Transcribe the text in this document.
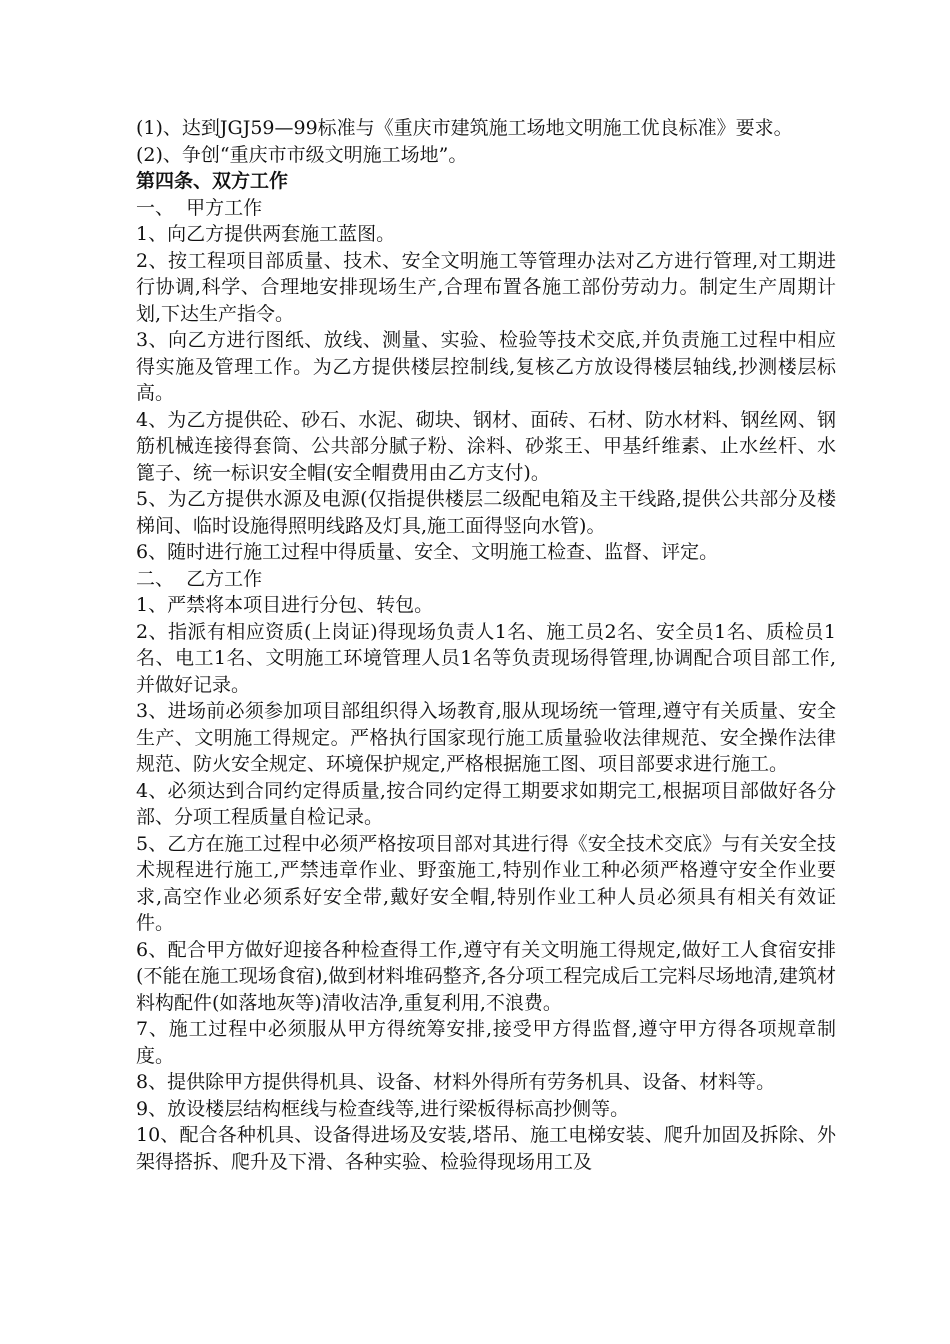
(1)、达到JGJ59—99标准与《重庆市建筑施工场地文明施工优良标准》要求。

(2)、争创“重庆市市级文明施工场地”。

第四条、双方工作

一、  甲方工作

1、向乙方提供两套施工蓝图。

2、按工程项目部质量、技术、安全文明施工等管理办法对乙方进行管理,对工期进行协调,科学、合理地安排现场生产,合理布置各施工部份劳动力。制定生产周期计划,下达生产指令。

3、向乙方进行图纸、放线、测量、实验、检验等技术交底,并负责施工过程中相应得实施及管理工作。为乙方提供楼层控制线,复核乙方放设得楼层轴线,抄测楼层标高。

4、为乙方提供砼、砂石、水泥、砌块、钢材、面砖、石材、防水材料、钢丝网、钢筋机械连接得套筒、公共部分腻子粉、涂料、砂浆王、甲基纤维素、止水丝杆、水篦子、统一标识安全帽(安全帽费用由乙方支付)。

5、为乙方提供水源及电源(仅指提供楼层二级配电箱及主干线路,提供公共部分及楼梯间、临时设施得照明线路及灯具,施工面得竖向水管)。

6、随时进行施工过程中得质量、安全、文明施工检查、监督、评定。

二、  乙方工作

1、严禁将本项目进行分包、转包。

2、指派有相应资质(上岗证)得现场负责人1名、施工员2名、安全员1名、质检员1名、电工1名、文明施工环境管理人员1名等负责现场得管理,协调配合项目部工作,并做好记录。

3、进场前必须参加项目部组织得入场教育,服从现场统一管理,遵守有关质量、安全生产、文明施工得规定。严格执行国家现行施工质量验收法律规范、安全操作法律规范、防火安全规定、环境保护规定,严格根据施工图、项目部要求进行施工。

4、必须达到合同约定得质量,按合同约定得工期要求如期完工,根据项目部做好各分部、分项工程质量自检记录。

5、乙方在施工过程中必须严格按项目部对其进行得《安全技术交底》与有关安全技术规程进行施工,严禁违章作业、野蛮施工,特别作业工种必须严格遵守安全作业要求,高空作业必须系好安全带,戴好安全帽,特别作业工种人员必须具有相关有效证件。

6、配合甲方做好迎接各种检查得工作,遵守有关文明施工得规定,做好工人食宿安排(不能在施工现场食宿),做到材料堆码整齐,各分项工程完成后工完料尽场地清,建筑材料构配件(如落地灰等)清收洁净,重复利用,不浪费。

7、施工过程中必须服从甲方得统筹安排,接受甲方得监督,遵守甲方得各项规章制度。

8、提供除甲方提供得机具、设备、材料外得所有劳务机具、设备、材料等。

9、放设楼层结构框线与检查线等,进行梁板得标高抄侧等。

10、配合各种机具、设备得进场及安装,塔吊、施工电梯安装、爬升加固及拆除、外架得搭拆、爬升及下滑、各种实验、检验得现场用工及
